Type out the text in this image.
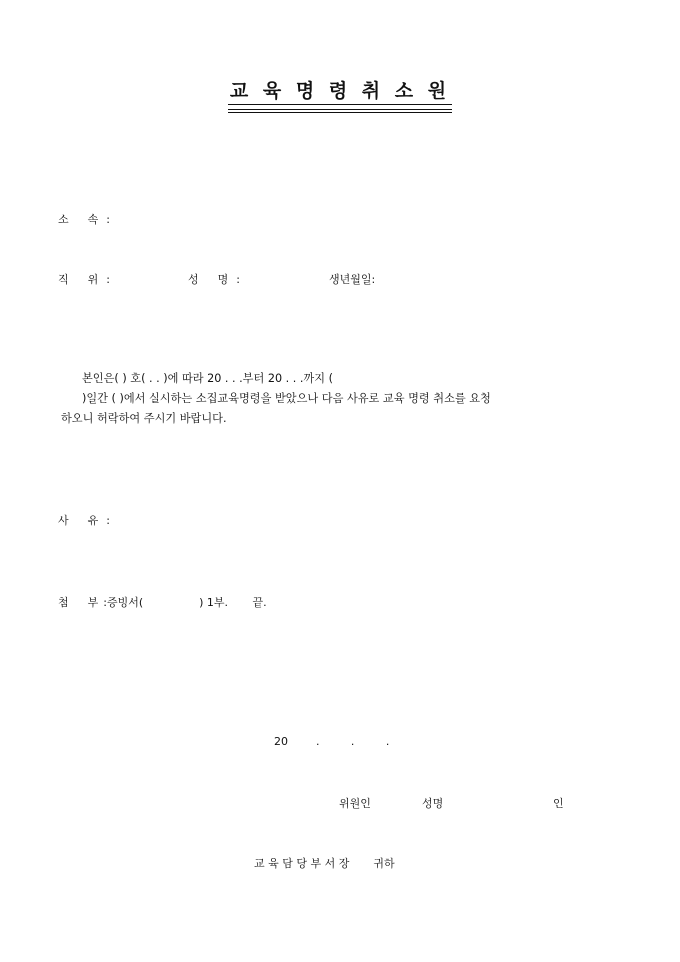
교 육 명 령 취 소 원
소 속 :
직 위 :	성 명 :	생년월일:
본인은( ) 호( . . )에 따라 20 . . .부터 20 . . .까지 (
)일간 ( )에서 실시하는 소집교육명령을 받았으나 다음 사유로 교육 명령 취소를 요청
하오니 허락하여 주시기 바랍니다.
사 유 :
첨 부 :증빙서(                ) 1부.       끝.
20        .         .         .
위원인	성명	인
교 육 담 당 부 서 장 귀하
